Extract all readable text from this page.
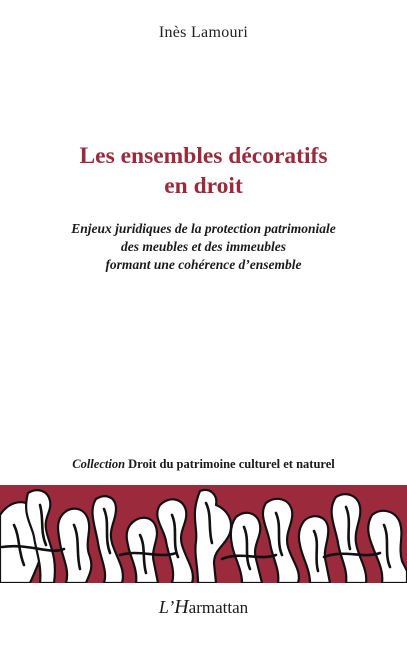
Inès Lamouri
Les ensembles décoratifs
en droit
Enjeux juridiques de la protection patrimoniale
des meubles et des immeubles
formant une cohérence d’ensemble
Collection Droit du patrimoine culturel et naturel
L’Harmattan
